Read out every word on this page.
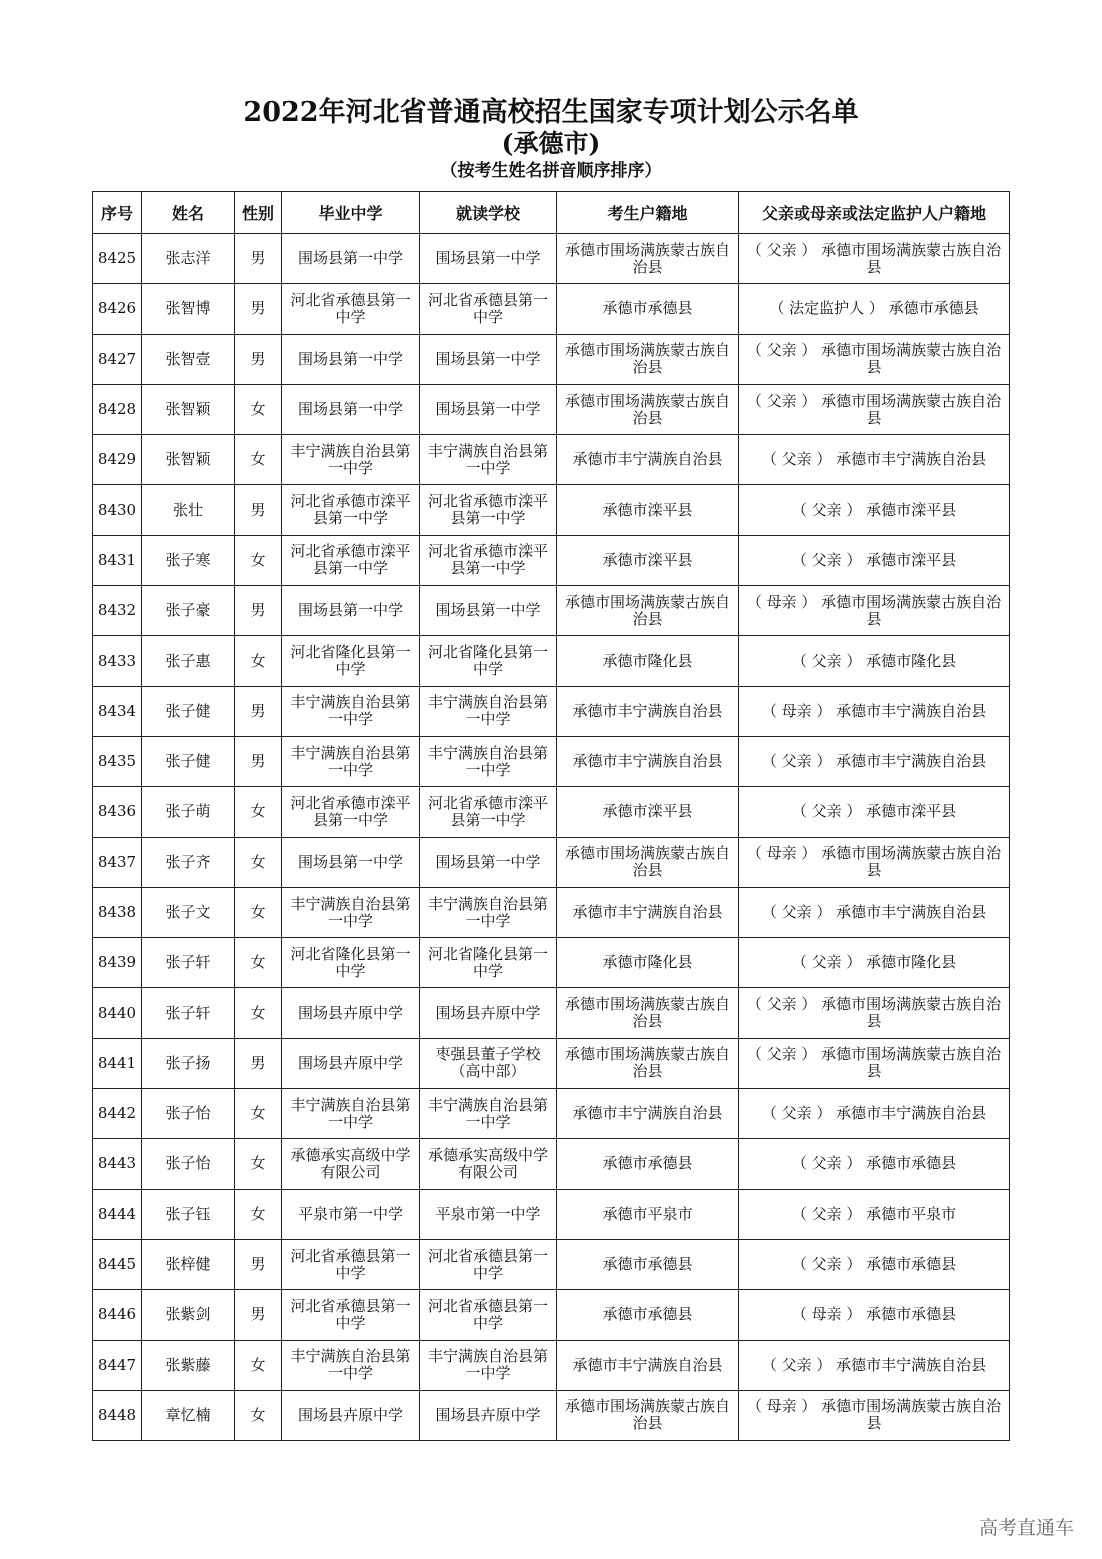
2022年河北省普通高校招生国家专项计划公示名单
(承德市)
（按考生姓名拼音顺序排序）
序号	姓名	性别	毕业中学	就读学校	考生户籍地	父亲或母亲或法定监护人户籍地
8425	张志洋	男	围场县第一中学	围场县第一中学	承德市围场满族蒙古族自治县	（ 父亲 ） 承德市围场满族蒙古族自治县
8426	张智博	男	河北省承德县第一中学	河北省承德县第一中学	承德市承德县	（ 法定监护人 ） 承德市承德县
8427	张智壹	男	围场县第一中学	围场县第一中学	承德市围场满族蒙古族自治县	（ 父亲 ） 承德市围场满族蒙古族自治县
8428	张智颖	女	围场县第一中学	围场县第一中学	承德市围场满族蒙古族自治县	（ 父亲 ） 承德市围场满族蒙古族自治县
8429	张智颖	女	丰宁满族自治县第一中学	丰宁满族自治县第一中学	承德市丰宁满族自治县	（ 父亲 ） 承德市丰宁满族自治县
8430	张壮	男	河北省承德市滦平县第一中学	河北省承德市滦平县第一中学	承德市滦平县	（ 父亲 ） 承德市滦平县
8431	张子寒	女	河北省承德市滦平县第一中学	河北省承德市滦平县第一中学	承德市滦平县	（ 父亲 ） 承德市滦平县
8432	张子豪	男	围场县第一中学	围场县第一中学	承德市围场满族蒙古族自治县	（ 母亲 ） 承德市围场满族蒙古族自治县
8433	张子惠	女	河北省隆化县第一中学	河北省隆化县第一中学	承德市隆化县	（ 父亲 ） 承德市隆化县
8434	张子健	男	丰宁满族自治县第一中学	丰宁满族自治县第一中学	承德市丰宁满族自治县	（ 母亲 ） 承德市丰宁满族自治县
8435	张子健	男	丰宁满族自治县第一中学	丰宁满族自治县第一中学	承德市丰宁满族自治县	（ 父亲 ） 承德市丰宁满族自治县
8436	张子萌	女	河北省承德市滦平县第一中学	河北省承德市滦平县第一中学	承德市滦平县	（ 父亲 ） 承德市滦平县
8437	张子齐	女	围场县第一中学	围场县第一中学	承德市围场满族蒙古族自治县	（ 母亲 ） 承德市围场满族蒙古族自治县
8438	张子文	女	丰宁满族自治县第一中学	丰宁满族自治县第一中学	承德市丰宁满族自治县	（ 父亲 ） 承德市丰宁满族自治县
8439	张子轩	女	河北省隆化县第一中学	河北省隆化县第一中学	承德市隆化县	（ 父亲 ） 承德市隆化县
8440	张子轩	女	围场县卉原中学	围场县卉原中学	承德市围场满族蒙古族自治县	（ 父亲 ） 承德市围场满族蒙古族自治县
8441	张子扬	男	围场县卉原中学	枣强县董子学校（高中部）	承德市围场满族蒙古族自治县	（ 父亲 ） 承德市围场满族蒙古族自治县
8442	张子怡	女	丰宁满族自治县第一中学	丰宁满族自治县第一中学	承德市丰宁满族自治县	（ 父亲 ） 承德市丰宁满族自治县
8443	张子怡	女	承德承实高级中学有限公司	承德承实高级中学有限公司	承德市承德县	（ 父亲 ） 承德市承德县
8444	张子钰	女	平泉市第一中学	平泉市第一中学	承德市平泉市	（ 父亲 ） 承德市平泉市
8445	张梓健	男	河北省承德县第一中学	河北省承德县第一中学	承德市承德县	（ 父亲 ） 承德市承德县
8446	张紫剑	男	河北省承德县第一中学	河北省承德县第一中学	承德市承德县	（ 母亲 ） 承德市承德县
8447	张紫藤	女	丰宁满族自治县第一中学	丰宁满族自治县第一中学	承德市丰宁满族自治县	（ 父亲 ） 承德市丰宁满族自治县
8448	章忆楠	女	围场县卉原中学	围场县卉原中学	承德市围场满族蒙古族自治县	（ 母亲 ） 承德市围场满族蒙古族自治县
高考直通车
